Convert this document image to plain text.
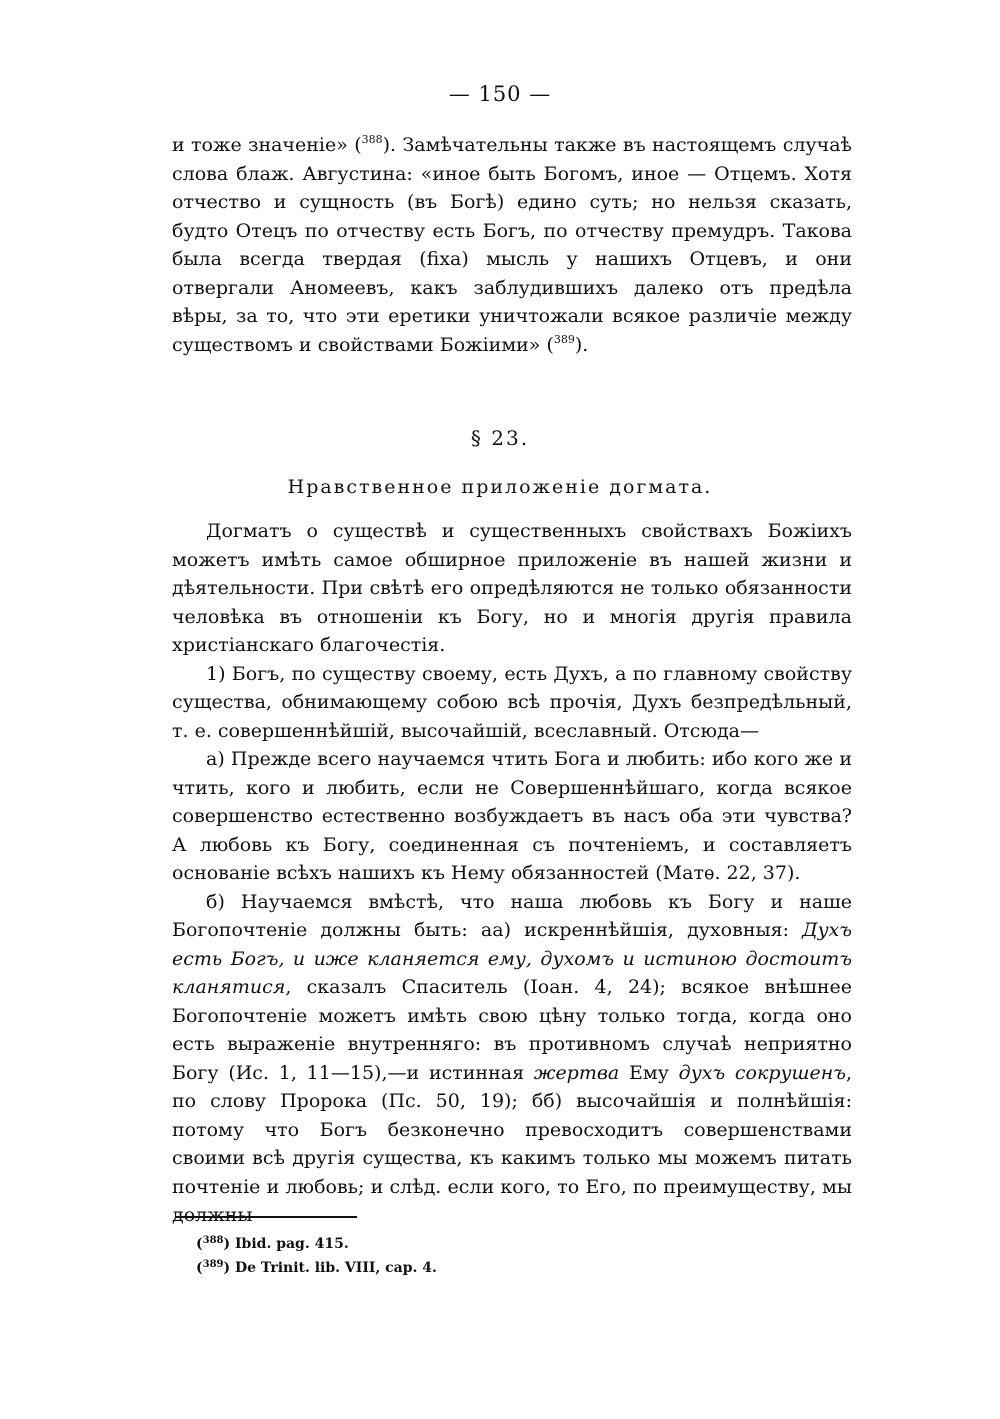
— 150 —

и тоже значеніе» ($^{388}$). Замѣчательны также въ настоящемъ случаѣ слова блаж. Августина: «иное быть Богомъ, иное — Отцемъ. Хотя отчество и сущность (въ Богѣ) едино суть; но нельзя сказать, будто Отецъ по отчеству есть Богъ, по отчеству премудръ. Такова была всегда твердая (fixa) мысль у нашихъ Отцевъ, и они отвергали Аномеевъ, какъ заблудившихъ далеко отъ предѣла вѣры, за то, что эти еретики уничтожали всякое различіе между существомъ и свойствами Божіими» ($^{389}$).

§ 23.
Нравственное приложеніе догмата.

Догматъ о существѣ и существенныхъ свойствахъ Божіихъ можетъ имѣть самое обширное приложеніе въ нашей жизни и дѣятельности. При свѣтѣ его опредѣляются не только обязанности человѣка въ отношеніи къ Богу, но и многія другія правила христіанскаго благочестія.

1) Богъ, по существу своему, есть Духъ, а по главному свойству существа, обнимающему собою всѣ прочія, Духъ безпредѣльный, т. е. совершеннѣйшій, высочайшій, всеславный. Отсюда—

а) Прежде всего научаемся чтить Бога и любить: ибо кого же и чтить, кого и любить, если не Совершеннѣйшаго, когда всякое совершенство естественно возбуждаетъ въ насъ оба эти чувства? А любовь къ Богу, соединенная съ почтеніемъ, и составляетъ основаніе всѣхъ нашихъ къ Нему обязанностей (Матѳ. 22, 37).

б) Научаемся вмѣстѣ, что наша любовь къ Богу и наше Богопочтеніе должны быть: аа) искреннѣйшія, духовныя: Духъ есть Богъ, и иже кланяется ему, духомъ и истиною достоитъ кланятися, сказалъ Спаситель (Іоан. 4, 24); всякое внѣшнее Богопочтеніе можетъ имѣть свою цѣну только тогда, когда оно есть выраженіе внутренняго: въ противномъ случаѣ неприятно Богу (Ис. 1, 11—15),—и истинная жертва Ему духъ сокрушенъ, по слову Пророка (Пс. 50, 19); бб) высочайшія и полнѣйшія: потому что Богъ безконечно превосходитъ совершенствами своими всѣ другія существа, къ какимъ только мы можемъ питать почтеніе и любовь; и слѣд. если кого, то Его, по преимуществу, мы должны

($^{388}$) Ibid. pag. 415.
($^{389}$) De Trinit. lib. VIII, cap. 4.
